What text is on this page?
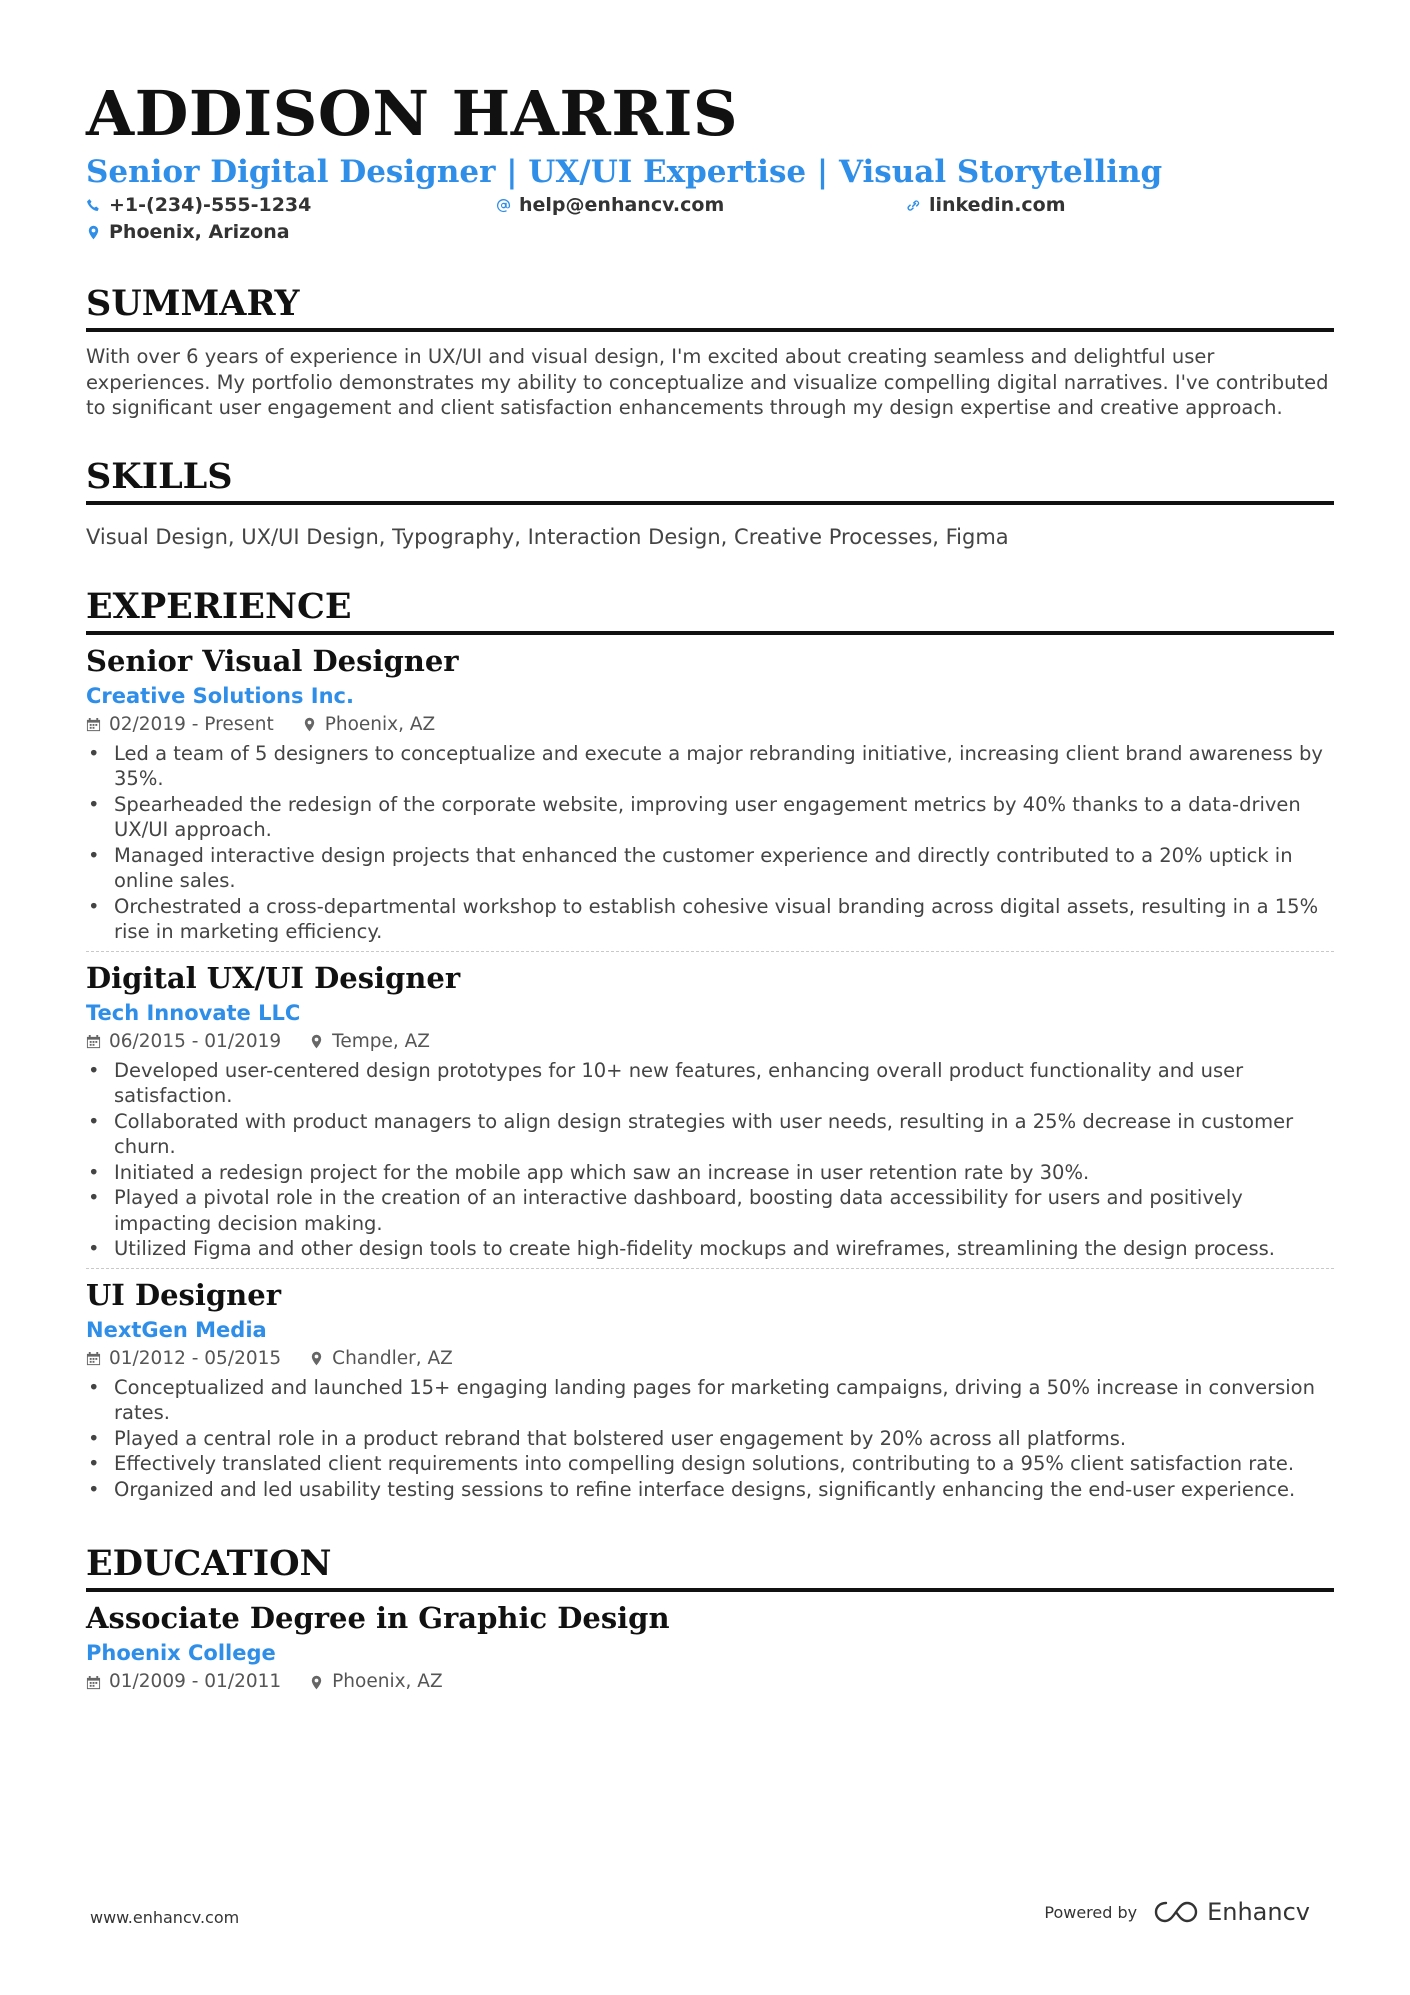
ADDISON HARRIS
Senior Digital Designer | UX/UI Expertise | Visual Storytelling
+1-(234)-555-1234	help@enhancv.com	linkedin.com
Phoenix, Arizona
SUMMARY

With over 6 years of experience in UX/UI and visual design, I'm excited about creating seamless and delightful user experiences. My portfolio demonstrates my ability to conceptualize and visualize compelling digital narratives. I've contributed to significant user engagement and client satisfaction enhancements through my design expertise and creative approach.

SKILLS

Visual Design, UX/UI Design, Typography, Interaction Design, Creative Processes, Figma

EXPERIENCE
Senior Visual Designer
Creative Solutions Inc.
02/2019 - Present	Phoenix, AZ
• Led a team of 5 designers to conceptualize and execute a major rebranding initiative, increasing client brand awareness by 35%.
• Spearheaded the redesign of the corporate website, improving user engagement metrics by 40% thanks to a data-driven UX/UI approach.
• Managed interactive design projects that enhanced the customer experience and directly contributed to a 20% uptick in online sales.
• Orchestrated a cross-departmental workshop to establish cohesive visual branding across digital assets, resulting in a 15% rise in marketing efficiency.
Digital UX/UI Designer
Tech Innovate LLC
06/2015 - 01/2019	Tempe, AZ
• Developed user-centered design prototypes for 10+ new features, enhancing overall product functionality and user satisfaction.
• Collaborated with product managers to align design strategies with user needs, resulting in a 25% decrease in customer churn.
• Initiated a redesign project for the mobile app which saw an increase in user retention rate by 30%.
• Played a pivotal role in the creation of an interactive dashboard, boosting data accessibility for users and positively impacting decision making.
• Utilized Figma and other design tools to create high-fidelity mockups and wireframes, streamlining the design process.
UI Designer
NextGen Media
01/2012 - 05/2015	Chandler, AZ
• Conceptualized and launched 15+ engaging landing pages for marketing campaigns, driving a 50% increase in conversion rates.
• Played a central role in a product rebrand that bolstered user engagement by 20% across all platforms.
• Effectively translated client requirements into compelling design solutions, contributing to a 95% client satisfaction rate.
• Organized and led usability testing sessions to refine interface designs, significantly enhancing the end-user experience.
EDUCATION
Associate Degree in Graphic Design
Phoenix College
01/2009 - 01/2011	Phoenix, AZ
www.enhancv.com	Powered by	Enhancv
